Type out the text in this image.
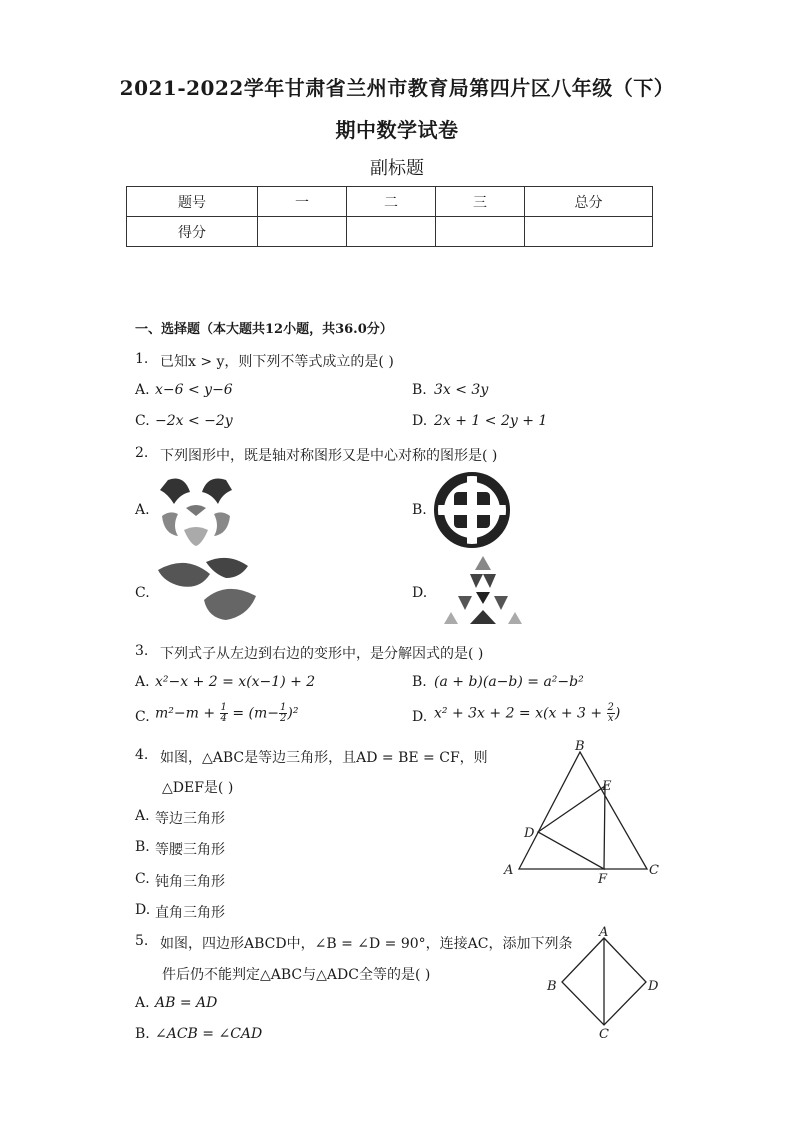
2021-2022学年甘肃省兰州市教育局第四片区八年级（下）
期中数学试卷
副标题
题号	一	二	三	总分
得分				
一、选择题（本大题共12小题，共36.0分）
1. 已知x > y，则下列不等式成立的是( )
A. x−6 < y−6	B. 3x < 3y
C. −2x < −2y	D. 2x + 1 < 2y + 1
2. 下列图形中，既是轴对称图形又是中心对称的图形是( )
A.	B.
C.	D.
3. 下列式子从左边到右边的变形中，是分解因式的是( )
A. x²−x + 2 = x(x−1) + 2	B. (a + b)(a−b) = a²−b²
C. $m^2-m + \frac{1}{4} = (m- \frac{1}{2} )^2$	D. $x^2 + 3x + 2 = x(x + 3 + \frac{2}{x}$ )
4. 如图，△ABC是等边三角形，且AD = BE = CF，则
△DEF是( )
A. 等边三角形
B. 等腰三角形
C. 钝角三角形
D. 直角三角形
B
E
D
A
F
C
5. 如图，四边形ABCD中，∠B = ∠D = 90°，连接AC，添加下列条
件后仍不能判定△ABC与△ADC全等的是( )
A. AB = AD
B. ∠ACB = ∠CAD
A
B
C
D
